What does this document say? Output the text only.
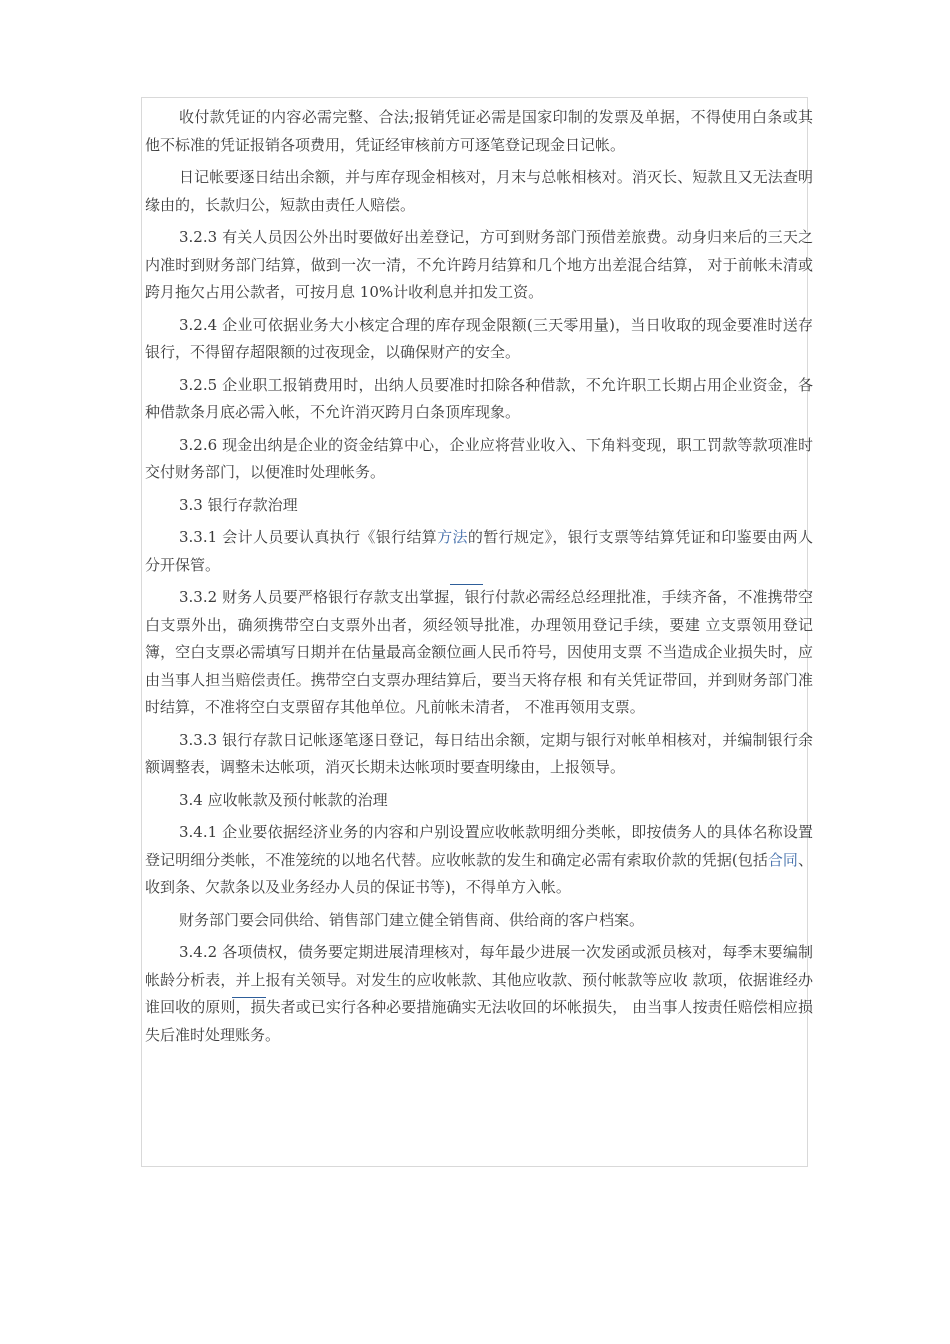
收付款凭证的内容必需完整、合法;报销凭证必需是国家印制的发票及单据，不得使用白条或其他不标准的凭证报销各项费用，凭证经审核前方可逐笔登记现金日记帐。

日记帐要逐日结出余额，并与库存现金相核对，月末与总帐相核对。消灭长、短款且又无法查明缘由的，长款归公，短款由责任人赔偿。

3.2.3 有关人员因公外出时要做好出差登记，方可到财务部门预借差旅费。动身归来后的三天之内准时到财务部门结算，做到一次一清，不允许跨月结算和几个地方出差混合结算， 对于前帐未清或跨月拖欠占用公款者，可按月息 10%计收利息并扣发工资。

3.2.4 企业可依据业务大小核定合理的库存现金限额(三天零用量)，当日收取的现金要准时送存银行，不得留存超限额的过夜现金，以确保财产的安全。

3.2.5 企业职工报销费用时，出纳人员要准时扣除各种借款，不允许职工长期占用企业资金，各种借款条月底必需入帐，不允许消灭跨月白条顶库现象。

3.2.6 现金出纳是企业的资金结算中心，企业应将营业收入、下角料变现，职工罚款等款项准时交付财务部门，以便准时处理帐务。

3.3 银行存款治理

3.3.1 会计人员要认真执行《银行结算方法的暂行规定》，银行支票等结算凭证和印鉴要由两人分开保管。

3.3.2 财务人员要严格银行存款支出掌握，银行付款必需经总经理批准，手续齐备，不准携带空白支票外出，确须携带空白支票外出者，须经领导批准，办理领用登记手续，要建 立支票领用登记簿，空白支票必需填写日期并在估量最高金额位画人民币符号，因使用支票 不当造成企业损失时，应由当事人担当赔偿责任。携带空白支票办理结算后，要当天将存根 和有关凭证带回，并到财务部门准时结算，不准将空白支票留存其他单位。凡前帐未清者， 不准再领用支票。

3.3.3 银行存款日记帐逐笔逐日登记，每日结出余额，定期与银行对帐单相核对，并编制银行余额调整表，调整未达帐项，消灭长期未达帐项时要查明缘由，上报领导。

3.4 应收帐款及预付帐款的治理

3.4.1 企业要依据经济业务的内容和户别设置应收帐款明细分类帐，即按债务人的具体名称设置登记明细分类帐，不准笼统的以地名代替。应收帐款的发生和确定必需有索取价款的凭据(包括合同、收到条、欠款条以及业务经办人员的保证书等)，不得单方入帐。

财务部门要会同供给、销售部门建立健全销售商、供给商的客户档案。

3.4.2 各项债权，债务要定期进展清理核对，每年最少进展一次发函或派员核对，每季末要编制帐龄分析表，并上报有关领导。对发生的应收帐款、其他应收款、预付帐款等应收 款项，依据谁经办谁回收的原则，损失者或已实行各种必要措施确实无法收回的坏帐损失， 由当事人按责任赔偿相应损失后准时处理账务。
